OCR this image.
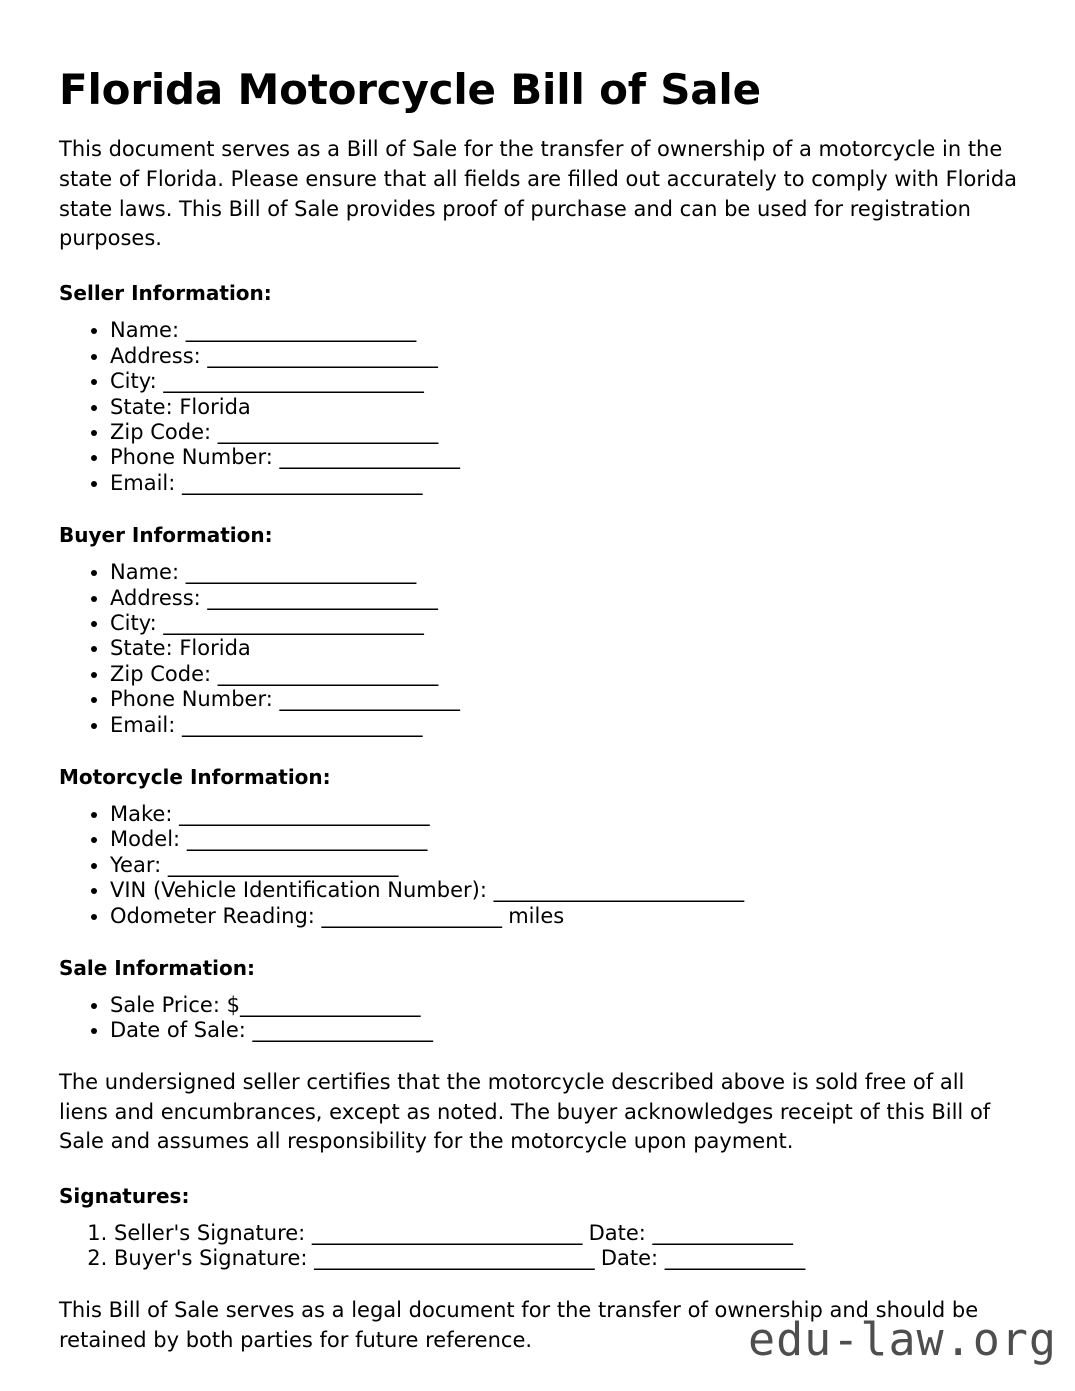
Florida Motorcycle Bill of Sale

This document serves as a Bill of Sale for the transfer of ownership of a motorcycle in the state of Florida. Please ensure that all fields are filled out accurately to comply with Florida state laws. This Bill of Sale provides proof of purchase and can be used for registration purposes.

Seller Information:
• Name: _______________________
• Address: _______________________
• City: __________________________
• State: Florida
• Zip Code: ______________________
• Phone Number: __________________
• Email: ________________________
Buyer Information:
• Name: _______________________
• Address: _______________________
• City: __________________________
• State: Florida
• Zip Code: ______________________
• Phone Number: __________________
• Email: ________________________
Motorcycle Information:
• Make: _________________________
• Model: ________________________
• Year: _______________________
• VIN (Vehicle Identification Number): _________________________
• Odometer Reading: __________________ miles
Sale Information:
• Sale Price: $__________________
• Date of Sale: __________________

The undersigned seller certifies that the motorcycle described above is sold free of all liens and encumbrances, except as noted. The buyer acknowledges receipt of this Bill of Sale and assumes all responsibility for the motorcycle upon payment.

Signatures:
1. Seller's Signature: ___________________________ Date: ______________
2. Buyer's Signature: ____________________________ Date: ______________

This Bill of Sale serves as a legal document for the transfer of ownership and should be retained by both parties for future reference.	edu-law.org
